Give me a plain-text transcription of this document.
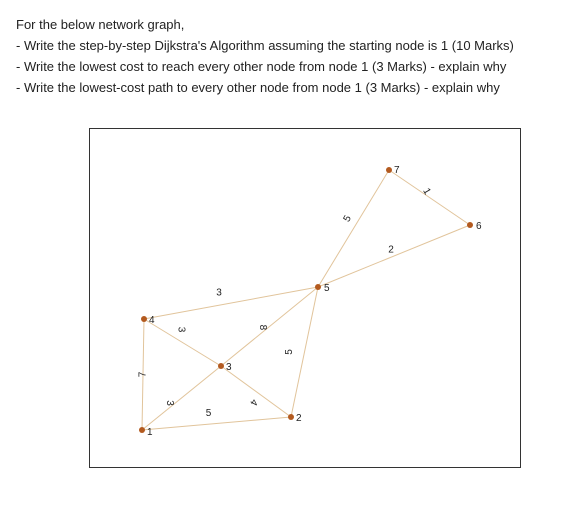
For the below network graph,
- Write the step-by-step Dijkstra's Algorithm assuming the starting node is 1 (10 Marks)
- Write the lowest cost to reach every other node from node 1 (3 Marks) - explain why
- Write the lowest-cost path to every other node from node 1 (3 Marks) - explain why
7
3
5
3
3
8
4
5
5
2
1
1
2
3
4
5
6
7
